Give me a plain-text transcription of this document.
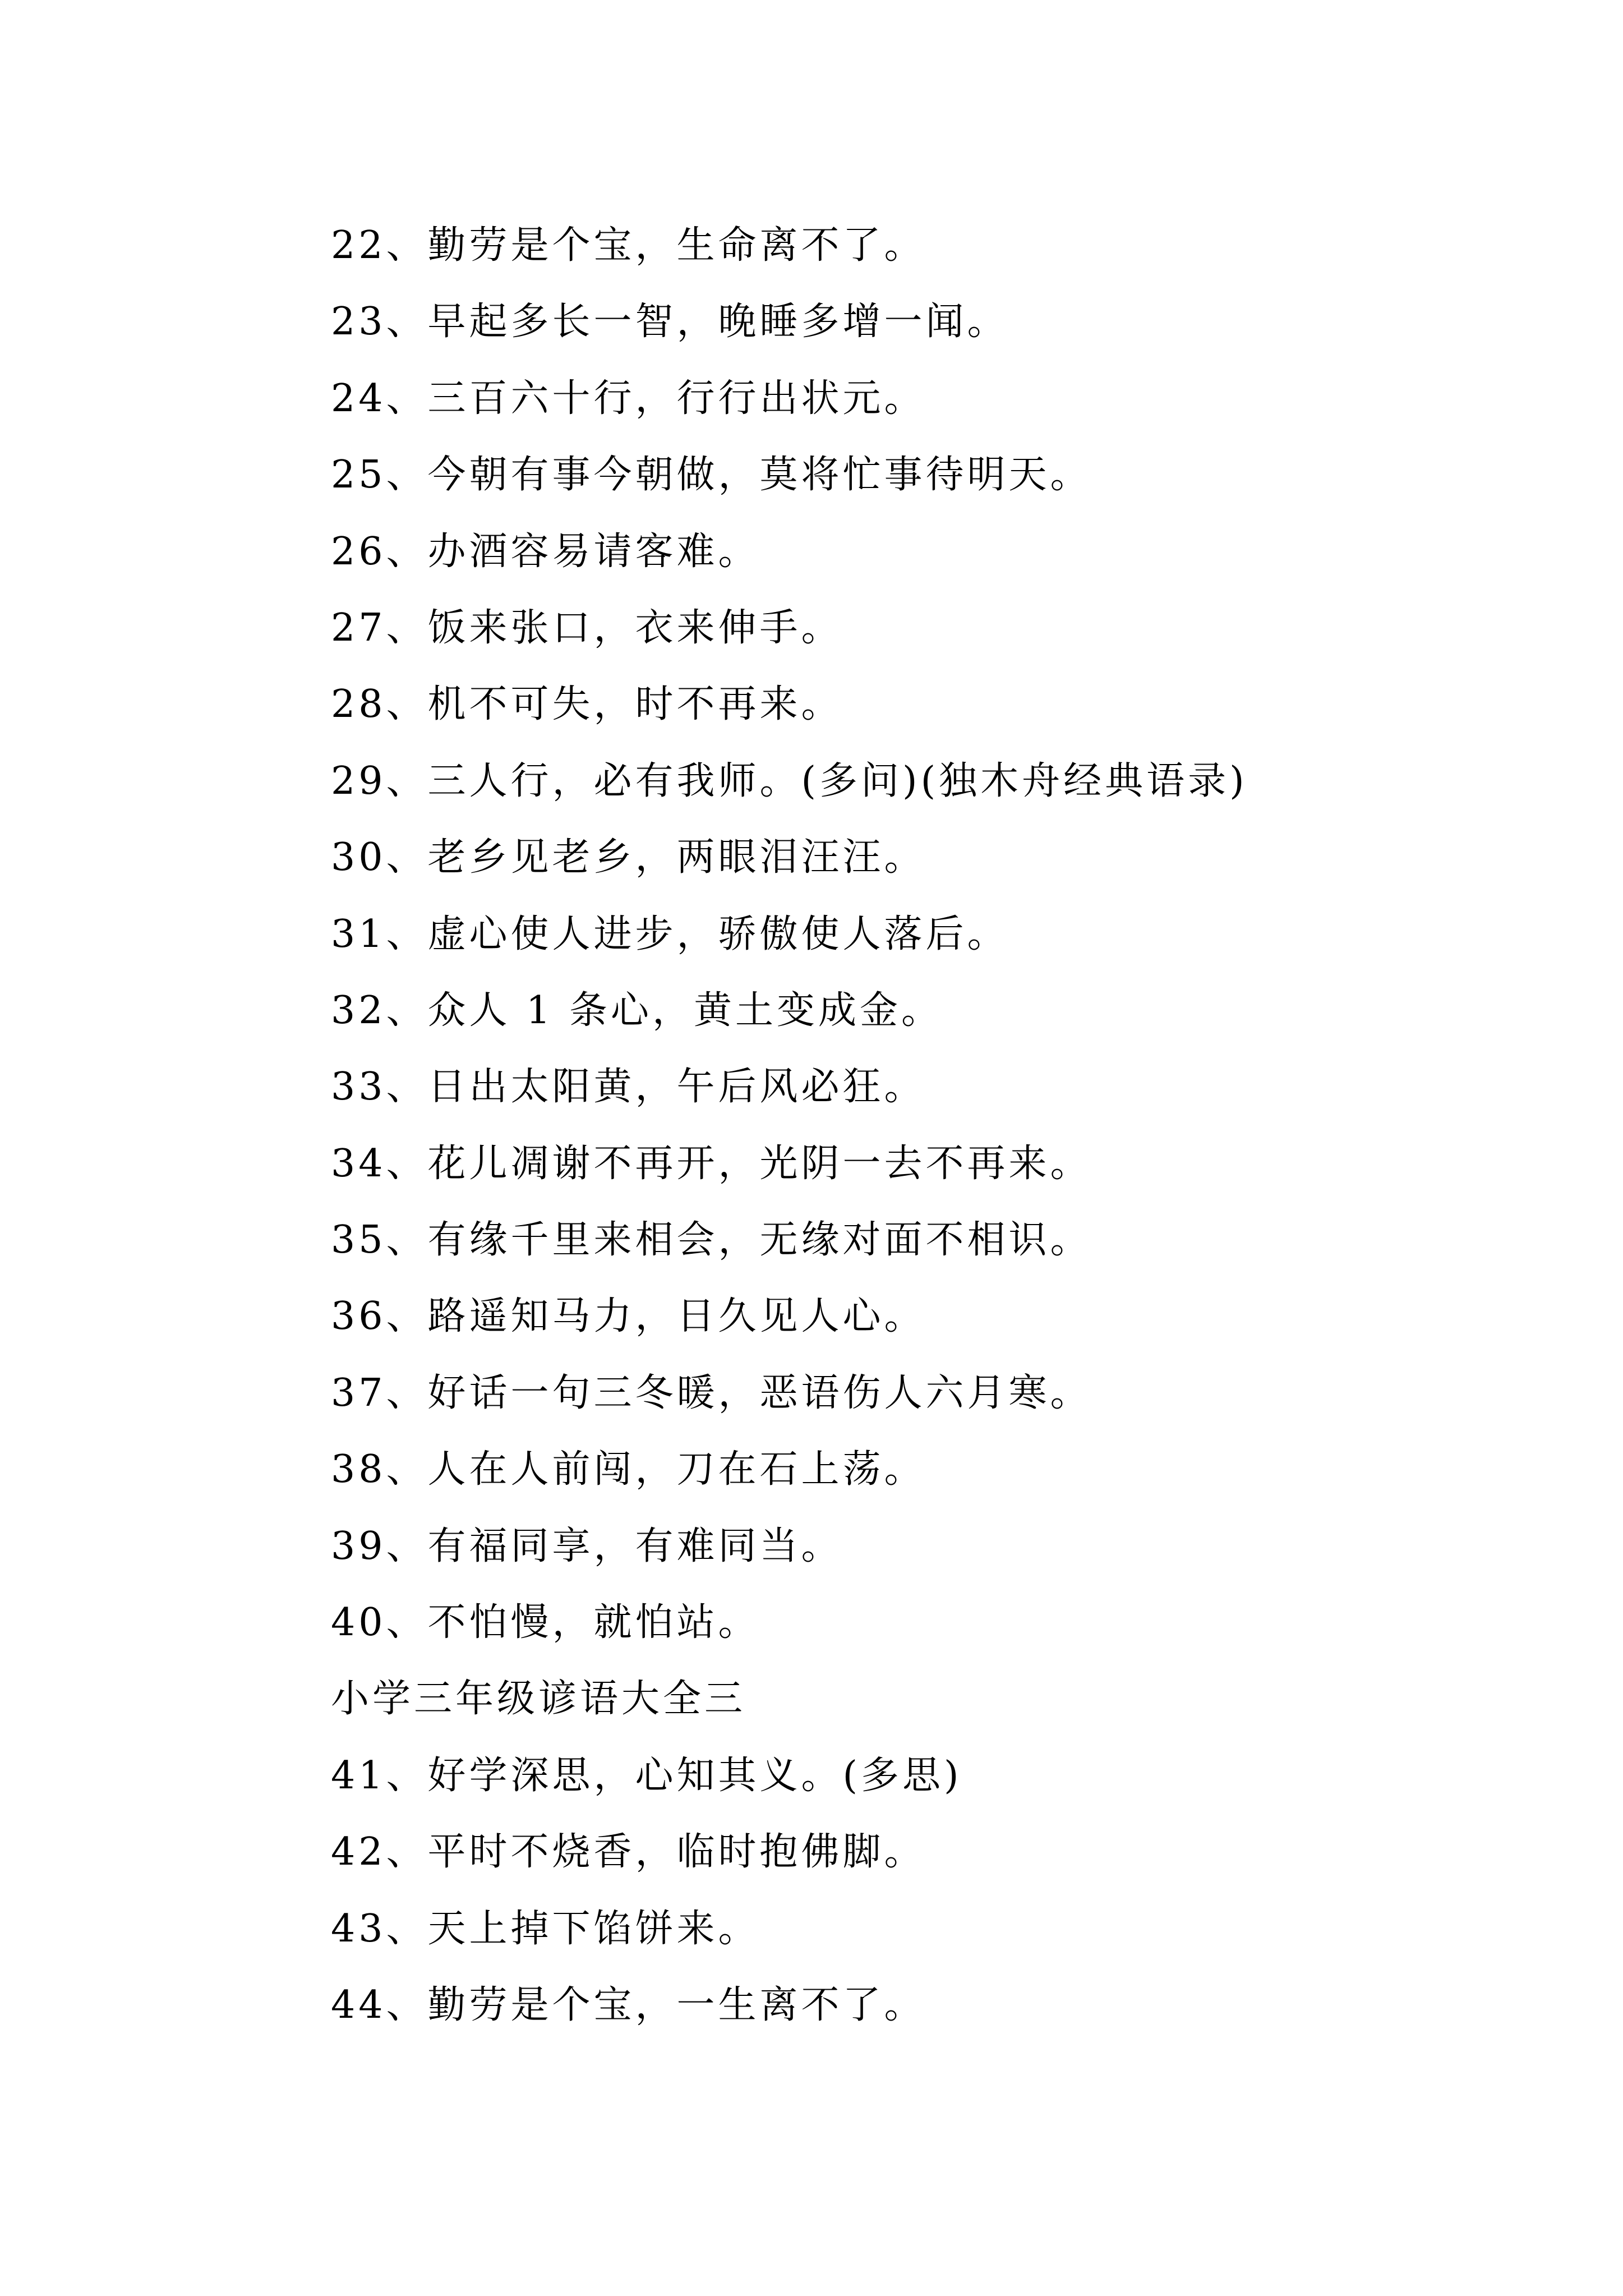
22、勤劳是个宝，生命离不了。
23、早起多长一智，晚睡多增一闻。
24、三百六十行，行行出状元。
25、今朝有事今朝做，莫将忙事待明天。
26、办酒容易请客难。
27、饭来张口，衣来伸手。
28、机不可失，时不再来。
29、三人行，必有我师。(多问)(独木舟经典语录)
30、老乡见老乡，两眼泪汪汪。
31、虚心使人进步，骄傲使人落后。
32、众人 1 条心，黄土变成金。
33、日出太阳黄，午后风必狂。
34、花儿凋谢不再开，光阴一去不再来。
35、有缘千里来相会，无缘对面不相识。
36、路遥知马力，日久见人心。
37、好话一句三冬暖，恶语伤人六月寒。
38、人在人前闯，刀在石上荡。
39、有福同享，有难同当。
40、不怕慢，就怕站。
小学三年级谚语大全三
41、好学深思，心知其义。(多思)
42、平时不烧香，临时抱佛脚。
43、天上掉下馅饼来。
44、勤劳是个宝，一生离不了。
